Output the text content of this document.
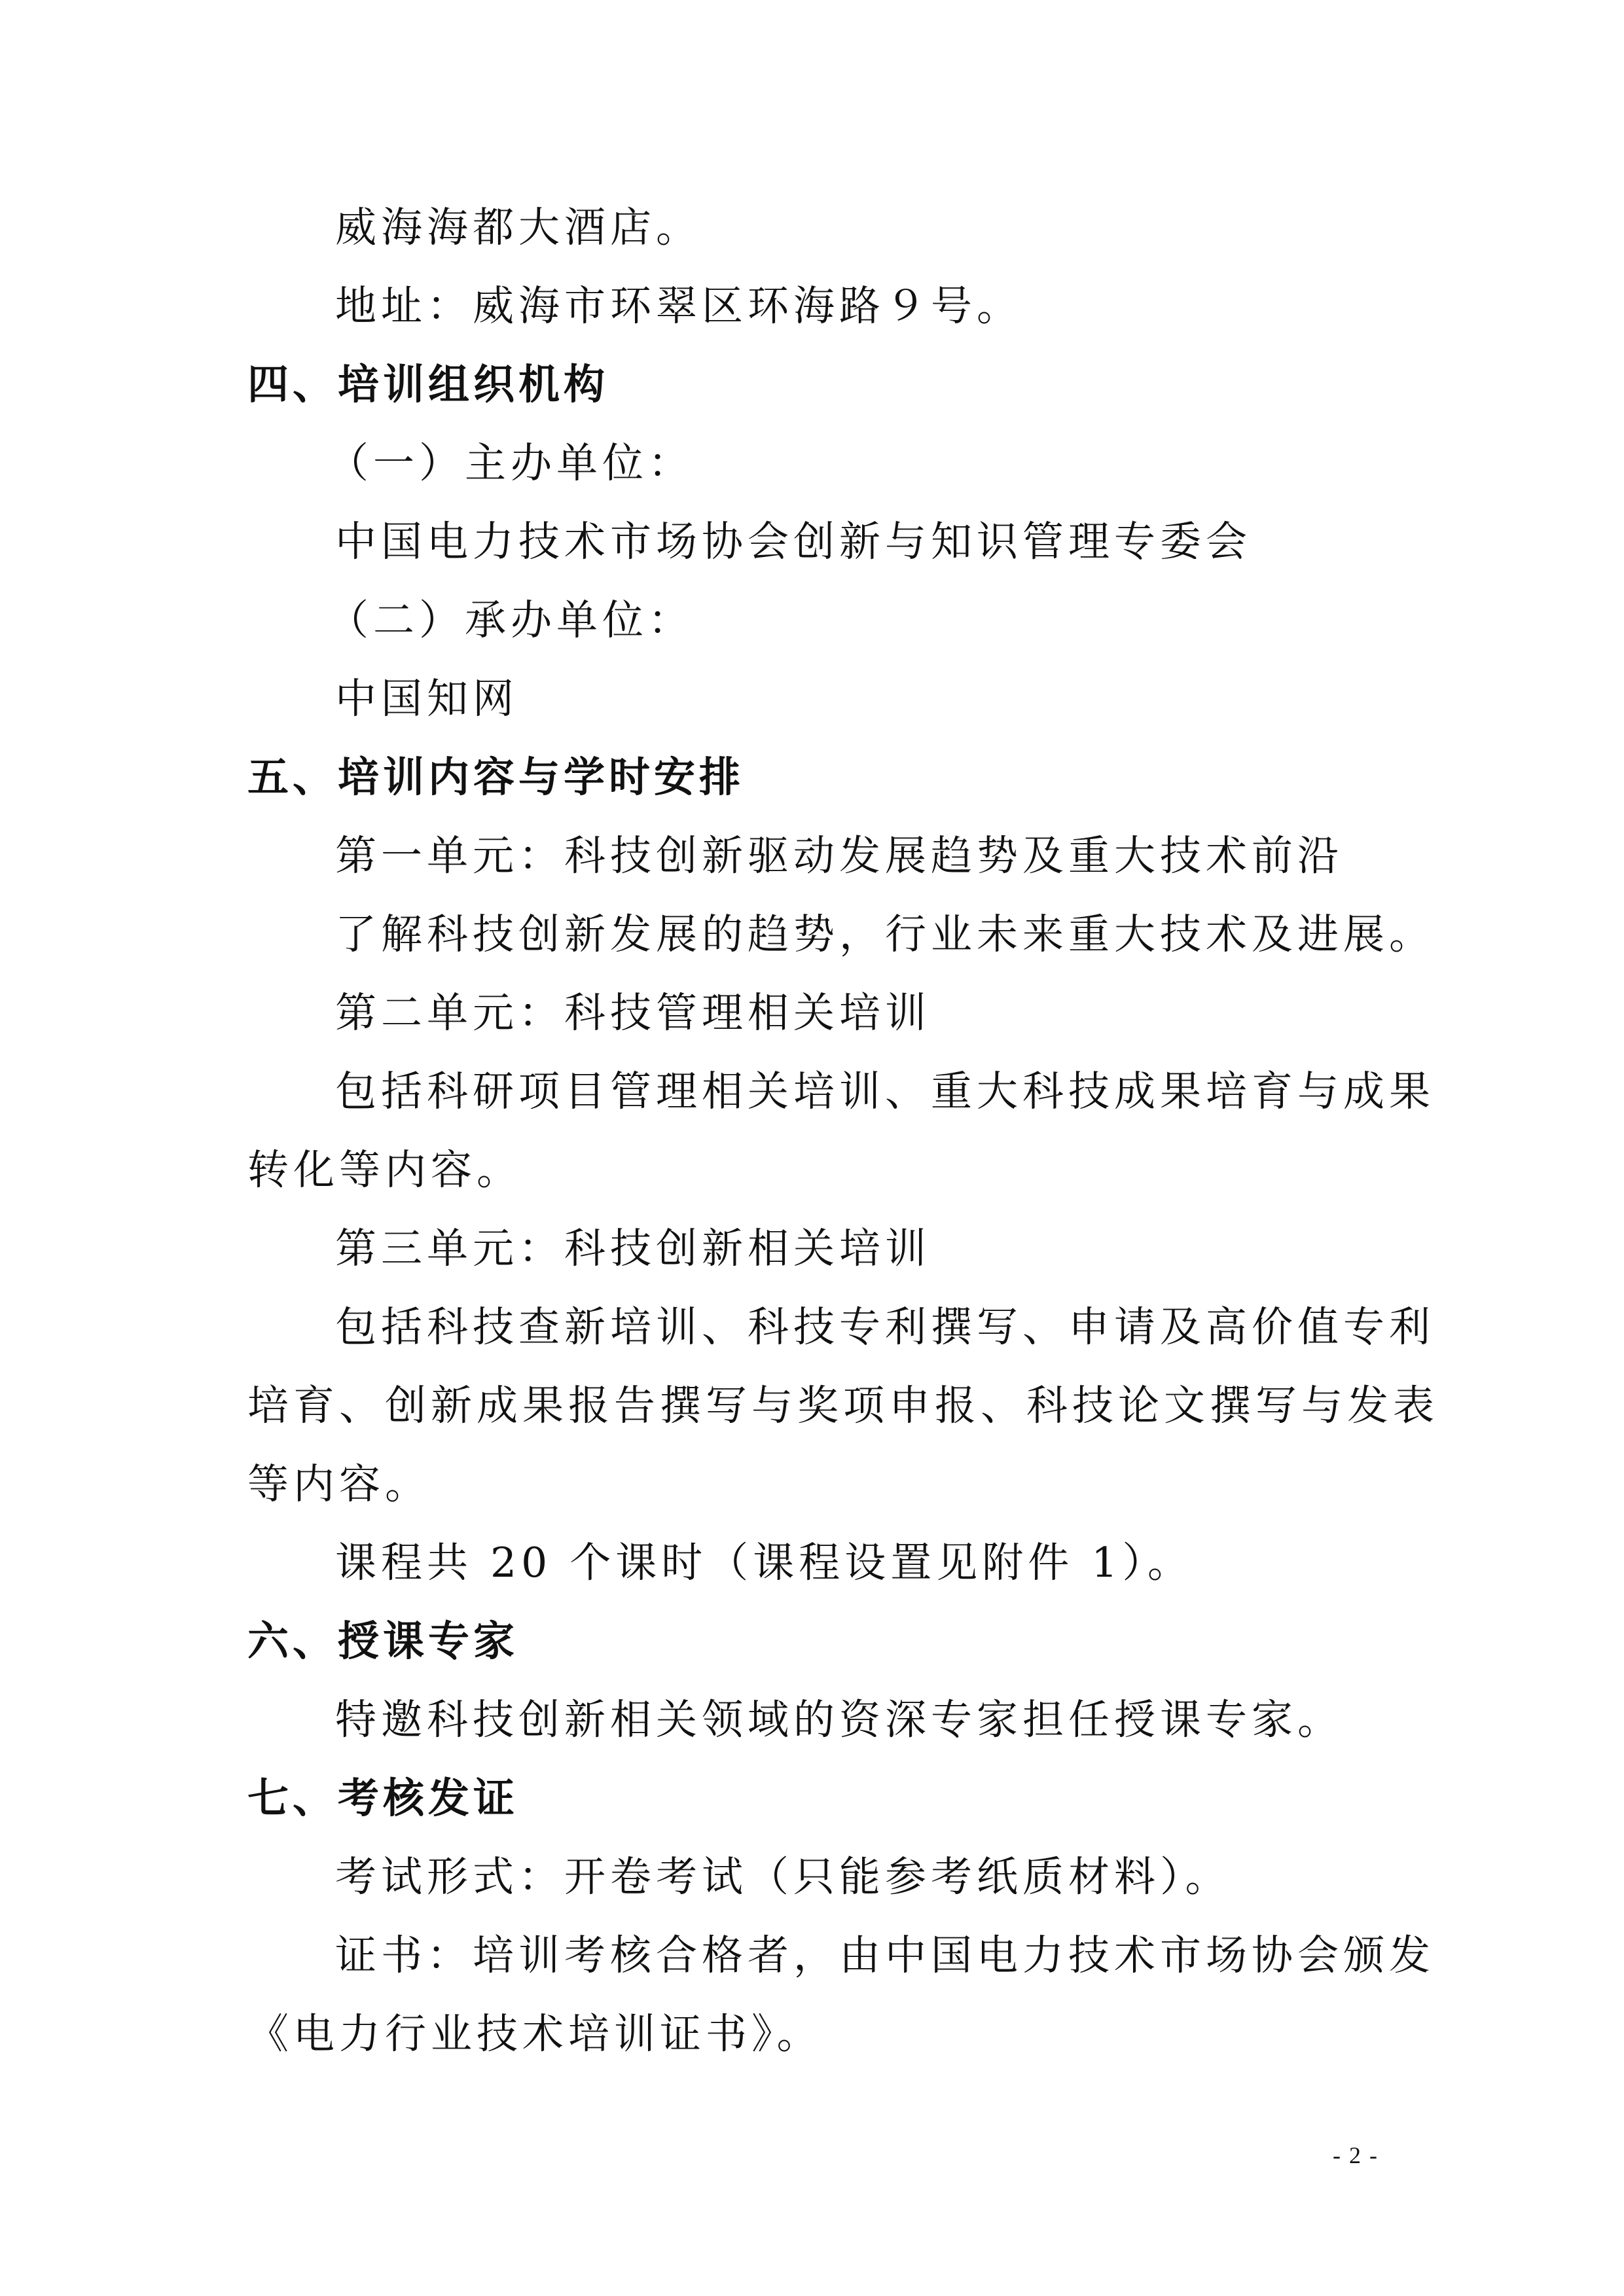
威海海都大酒店。
地址：威海市环翠区环海路９号。
四、培训组织机构
（一）主办单位：
中国电力技术市场协会创新与知识管理专委会
（二）承办单位：
中国知网
五、培训内容与学时安排
第一单元：科技创新驱动发展趋势及重大技术前沿
了解科技创新发展的趋势，行业未来重大技术及进展。
第二单元：科技管理相关培训
包括科研项目管理相关培训、重大科技成果培育与成果
转化等内容。
第三单元：科技创新相关培训
包括科技查新培训、科技专利撰写、申请及高价值专利
培育、创新成果报告撰写与奖项申报、科技论文撰写与发表
等内容。
课程共 20 个课时（课程设置见附件 1）。
六、授课专家
特邀科技创新相关领域的资深专家担任授课专家。
七、考核发证
考试形式：开卷考试（只能参考纸质材料）。
证书：培训考核合格者，由中国电力技术市场协会颁发
《电力行业技术培训证书》。
- 2 -
